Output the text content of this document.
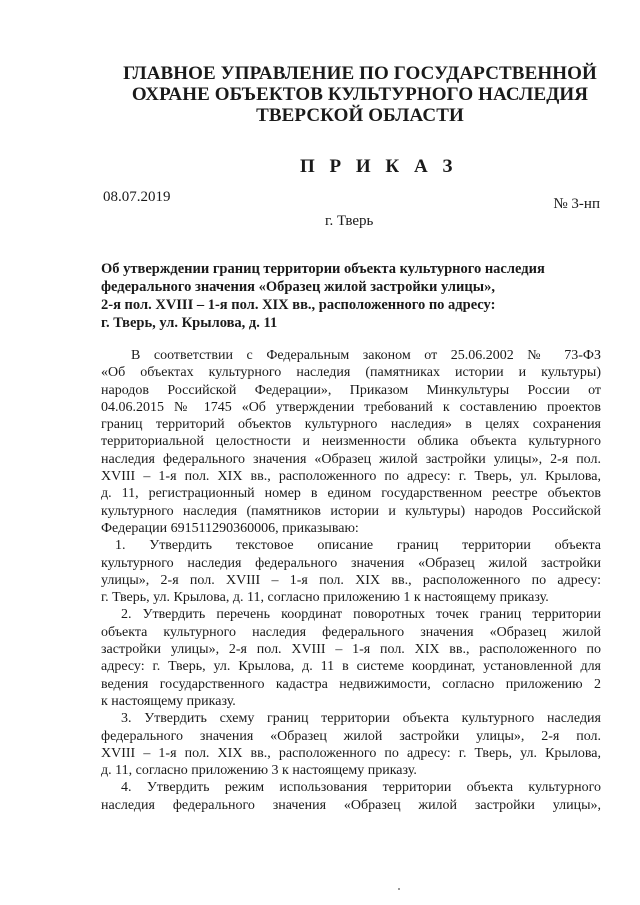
ГЛАВНОЕ УПРАВЛЕНИЕ ПО ГОСУДАРСТВЕННОЙ
ОХРАНЕ ОБЪЕКТОВ КУЛЬТУРНОГО НАСЛЕДИЯ
ТВЕРСКОЙ ОБЛАСТИ
П Р И К А З
08.07.2019	№ 3-нп
г. Тверь
Об утверждении границ территории объекта культурного наследия
федерального значения «Образец жилой застройки улицы»,
2-я пол. XVIII – 1-я пол. XIX вв., расположенного по адресу:
г. Тверь, ул. Крылова, д. 11
В соответствии с Федеральным законом от 25.06.2002 № 73-ФЗ
«Об объектах культурного наследия (памятниках истории и культуры)
народов Российской Федерации», Приказом Минкультуры России от
04.06.2015 № 1745 «Об утверждении требований к составлению проектов
границ территорий объектов культурного наследия» в целях сохранения
территориальной целостности и неизменности облика объекта культурного
наследия федерального значения «Образец жилой застройки улицы», 2-я пол.
XVIII – 1-я пол. XIX вв., расположенного по адресу: г. Тверь, ул. Крылова,
д. 11, регистрационный номер в едином государственном реестре объектов
культурного наследия (памятников истории и культуры) народов Российской
Федерации 691511290360006, приказываю:
1. Утвердить текстовое описание границ территории объекта
культурного наследия федерального значения «Образец жилой застройки
улицы», 2-я пол. XVIII – 1-я пол. XIX вв., расположенного по адресу:
г. Тверь, ул. Крылова, д. 11, согласно приложению 1 к настоящему приказу.
2. Утвердить перечень координат поворотных точек границ территории
объекта культурного наследия федерального значения «Образец жилой
застройки улицы», 2-я пол. XVIII – 1-я пол. XIX вв., расположенного по
адресу: г. Тверь, ул. Крылова, д. 11 в системе координат, установленной для
ведения государственного кадастра недвижимости, согласно приложению 2
к настоящему приказу.
3. Утвердить схему границ территории объекта культурного наследия
федерального значения «Образец жилой застройки улицы», 2-я пол.
XVIII – 1-я пол. XIX вв., расположенного по адресу: г. Тверь, ул. Крылова,
д. 11, согласно приложению 3 к настоящему приказу.
4. Утвердить режим использования территории объекта культурного
наследия федерального значения «Образец жилой застройки улицы»,
